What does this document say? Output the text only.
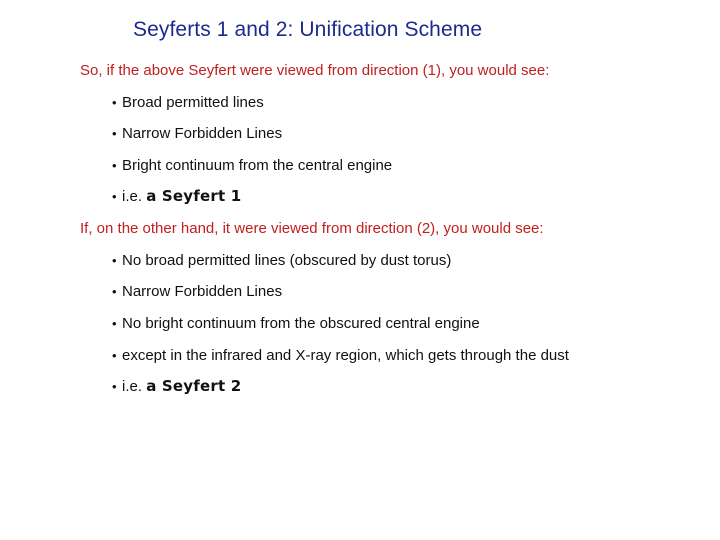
Seyferts 1 and 2: Unification Scheme
So, if the above Seyfert were viewed from direction (1), you would see:
• Broad permitted lines
• Narrow Forbidden Lines
• Bright continuum from the central engine
• i.e. a Seyfert 1
If, on the other hand, it were viewed from direction (2), you would see:
• No broad permitted lines (obscured by dust torus)
• Narrow Forbidden Lines
• No bright continuum from the obscured central engine
• except in the infrared and X-ray region, which gets through the dust
• i.e. a Seyfert 2
